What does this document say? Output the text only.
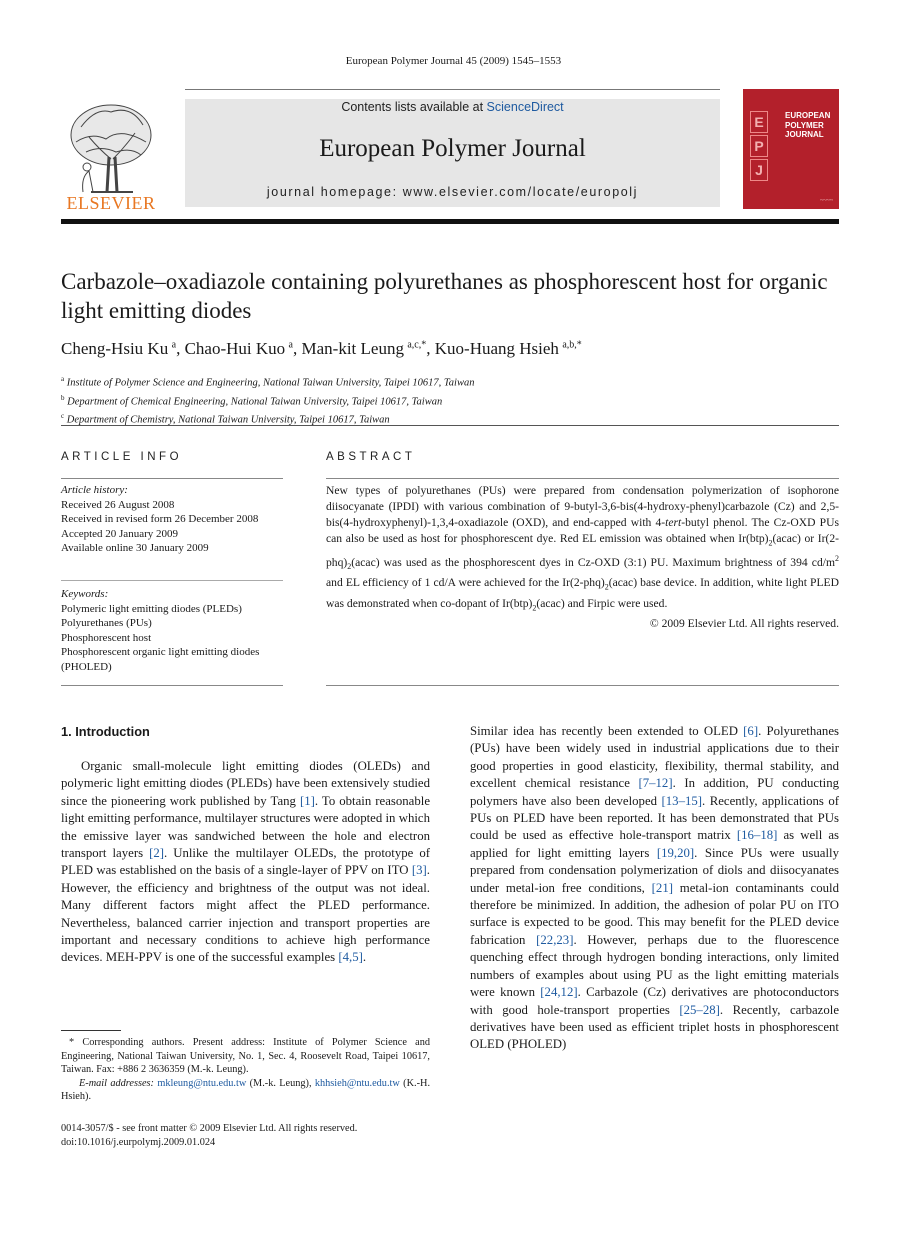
European Polymer Journal 45 (2009) 1545–1553
ELSEVIER
Contents lists available at ScienceDirect
European Polymer Journal
journal homepage: www.elsevier.com/locate/europolj
E
P
J
EUROPEAN
POLYMER
JOURNAL
~~~~
Carbazole–oxadiazole containing polyurethanes as phosphorescent host for organic light emitting diodes
Cheng-Hsiu Ku  $^a$, Chao-Hui Kuo  $^a$, Man-kit Leung  $^{a,c,*}$, Kuo-Huang Hsieh  $^{a,b,*}$
$^a$ Institute of Polymer Science and Engineering, National Taiwan University, Taipei 10617, Taiwan
$^b$ Department of Chemical Engineering, National Taiwan University, Taipei 10617, Taiwan
$^c$ Department of Chemistry, National Taiwan University, Taipei 10617, Taiwan
ARTICLE INFO
Article history:
Received 26 August 2008
Received in revised form 26 December 2008
Accepted 20 January 2009
Available online 30 January 2009
Keywords:
Polymeric light emitting diodes (PLEDs)
Polyurethanes (PUs)
Phosphorescent host
Phosphorescent organic light emitting diodes (PHOLED)
ABSTRACT
New types of polyurethanes (PUs) were prepared from condensation polymerization of isophorone diisocyanate (IPDI) with various combination of 9-butyl-3,6-bis(4-hydroxy-phenyl)carbazole (Cz) and 2,5-bis(4-hydroxyphenyl)-1,3,4-oxadiazole (OXD), and end-capped with 4-tert-butyl phenol. The Cz-OXD PUs can also be used as host for phosphorescent dye. Red EL emission was obtained when $Ir(btp)_2(acac)$ or $Ir(2-phq)_2(acac)$ was used as the phosphorescent dyes in Cz-OXD (3:1) PU. Maximum brightness of 394 $cd/m^2$ and EL efficiency of 1 cd/A were achieved for the $Ir(2-phq)_2(acac)$ base device. In addition, white light PLED was demonstrated when co-dopant of $Ir(btp)_2(acac)$ and Firpic were used.
© 2009 Elsevier Ltd. All rights reserved.
1. Introduction
Organic small-molecule light emitting diodes (OLEDs) and polymeric light emitting diodes (PLEDs) have been extensively studied since the pioneering work published by Tang [1]. To obtain reasonable light emitting performance, multilayer structures were adopted in which the emissive layer was sandwiched between the hole and electron transport layers [2]. Unlike the multilayer OLEDs, the prototype of PLED was established on the basis of a single-layer of PPV on ITO [3]. However, the efficiency and brightness of the output was not ideal. Many different factors might affect the PLED performance. Nevertheless, balanced carrier injection and transport properties are important and necessary conditions to achieve high performance devices. MEH-PPV is one of the successful examples [4,5].
* Corresponding authors. Present address: Institute of Polymer Science and Engineering, National Taiwan University, No. 1, Sec. 4, Roosevelt Road, Taipei 10617, Taiwan. Fax: +886 2 3636359 (M.-k. Leung).
E-mail addresses: mkleung@ntu.edu.tw (M.-k. Leung), khhsieh@ntu.edu.tw (K.-H. Hsieh).
0014-3057/$ - see front matter © 2009 Elsevier Ltd. All rights reserved.
doi:10.1016/j.eurpolymj.2009.01.024
Similar idea has recently been extended to OLED [6]. Polyurethanes (PUs) have been widely used in industrial applications due to their good properties in good elasticity, flexibility, thermal stability, and excellent chemical resistance [7–12]. In addition, PU conducting polymers have also been developed [13–15]. Recently, applications of PUs on PLED have been reported. It has been demonstrated that PUs could be used as effective hole-transport matrix [16–18] as well as applied for light emitting layers [19,20]. Since PUs were usually prepared from condensation polymerization of diols and diisocyanates under metal-ion free conditions, [21] metal-ion contaminants could therefore be minimized. In addition, the adhesion of polar PU on ITO surface is expected to be good. This may benefit for the PLED device fabrication [22,23]. However, perhaps due to the fluorescence quenching effect through hydrogen bonding interactions, only limited numbers of examples about using PU as the light emitting materials were known [24,12]. Carbazole (Cz) derivatives are photoconductors with good hole-transport properties [25–28]. Recently, carbazole derivatives have been used as efficient triplet hosts in phosphorescent OLED (PHOLED)
